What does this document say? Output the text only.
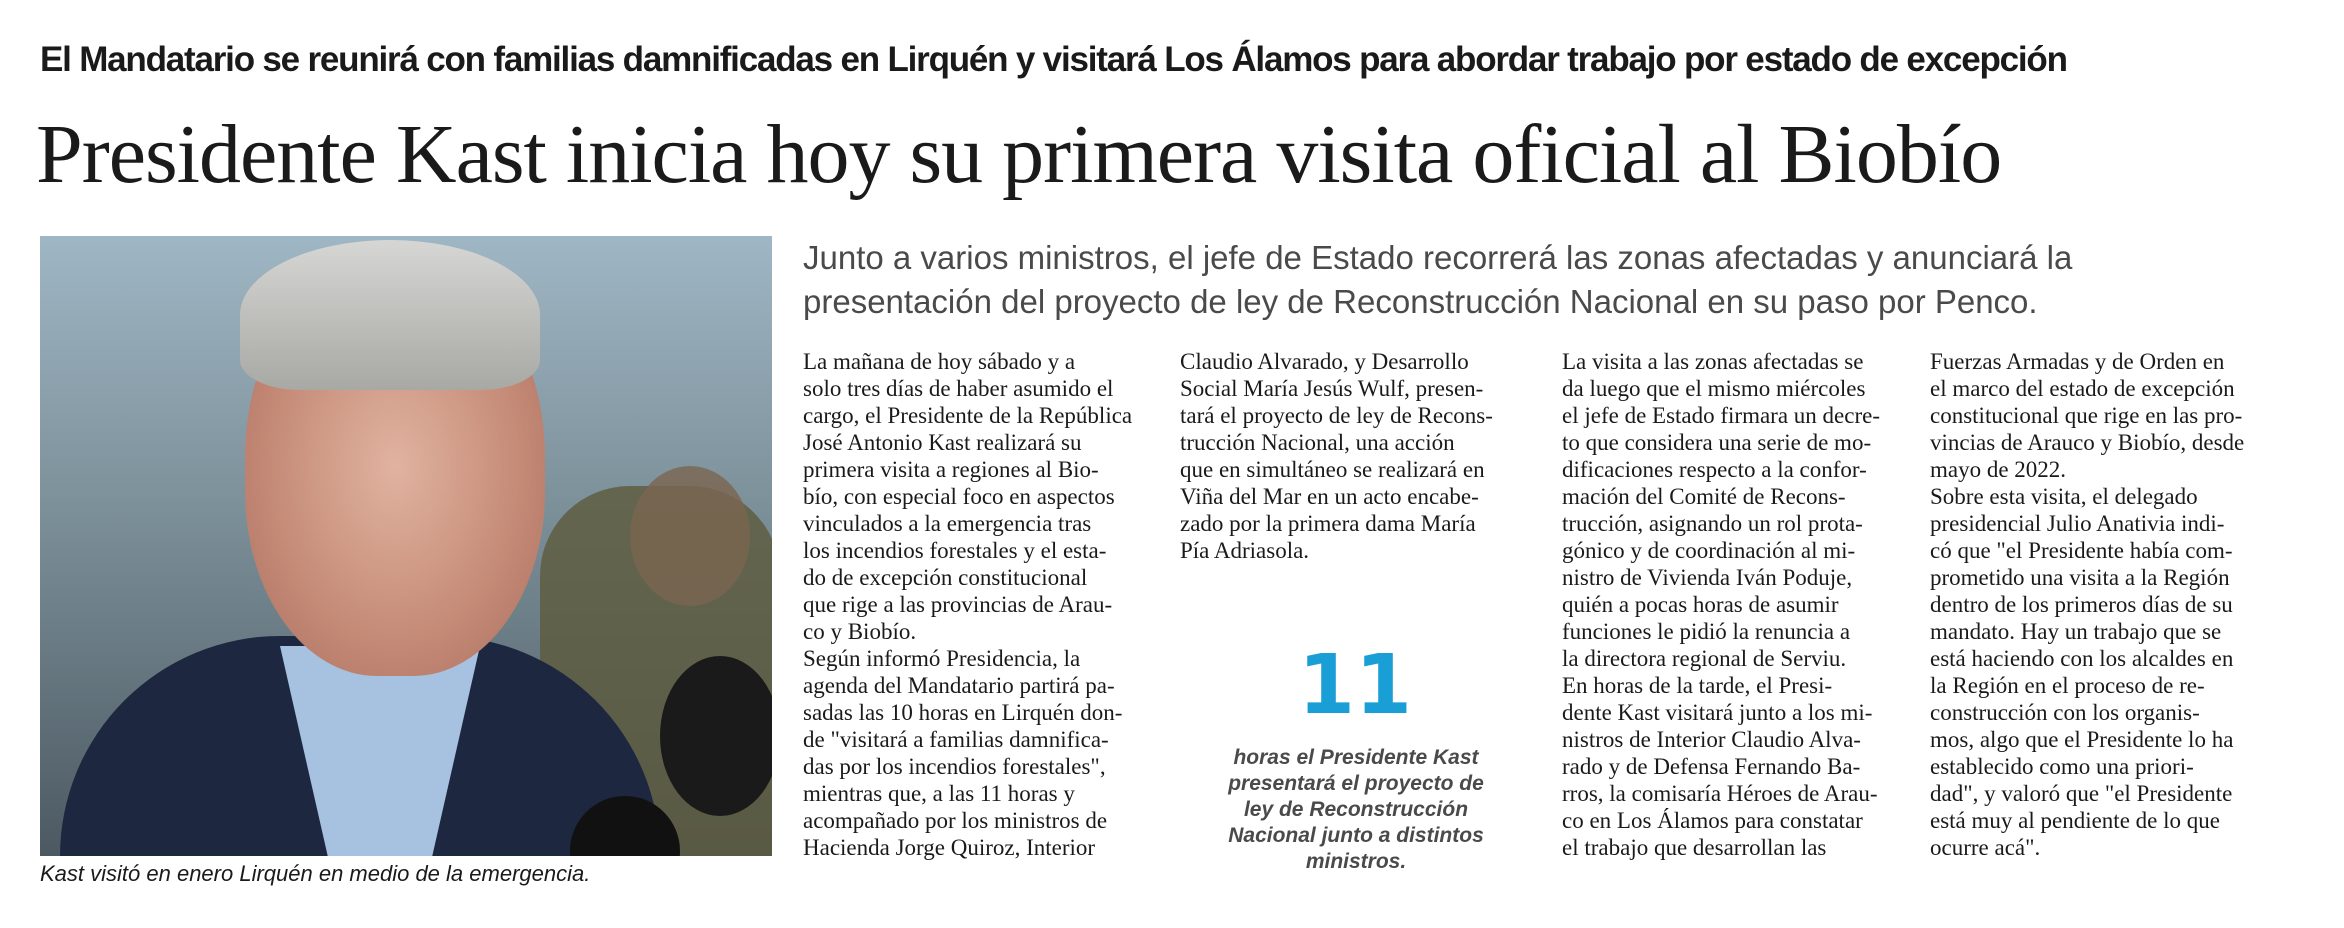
El Mandatario se reunirá con familias damnificadas en Lirquén y visitará Los Álamos para abordar trabajo por estado de excepción
Presidente Kast inicia hoy su primera visita oficial al Biobío
Kast visitó en enero Lirquén en medio de la emergencia.
Junto a varios ministros, el jefe de Estado recorrerá las zonas afectadas y anunciará la
presentación del proyecto de ley de Reconstrucción Nacional en su paso por Penco.
La mañana de hoy sábado y a
solo tres días de haber asumido el
cargo, el Presidente de la República
José Antonio Kast realizará su
primera visita a regiones al Bio-
bío, con especial foco en aspectos
vinculados a la emergencia tras
los incendios forestales y el esta-
do de excepción constitucional
que rige a las provincias de Arau-
co y Biobío.
Según informó Presidencia, la
agenda del Mandatario partirá pa-
sadas las 10 horas en Lirquén don-
de "visitará a familias damnifica-
das por los incendios forestales",
mientras que, a las 11 horas y
acompañado por los ministros de
Hacienda Jorge Quiroz, Interior
Claudio Alvarado, y Desarrollo
Social María Jesús Wulf, presen-
tará el proyecto de ley de Recons-
trucción Nacional, una acción
que en simultáneo se realizará en
Viña del Mar en un acto encabe-
zado por la primera dama María
Pía Adriasola.
La visita a las zonas afectadas se
da luego que el mismo miércoles
el jefe de Estado firmara un decre-
to que considera una serie de mo-
dificaciones respecto a la confor-
mación del Comité de Recons-
trucción, asignando un rol prota-
gónico y de coordinación al mi-
nistro de Vivienda Iván Poduje,
quién a pocas horas de asumir
funciones le pidió la renuncia a
la directora regional de Serviu.
En horas de la tarde, el Presi-
dente Kast visitará junto a los mi-
nistros de Interior Claudio Alva-
rado y de Defensa Fernando Ba-
rros, la comisaría Héroes de Arau-
co en Los Álamos para constatar
el trabajo que desarrollan las
Fuerzas Armadas y de Orden en
el marco del estado de excepción
constitucional que rige en las pro-
vincias de Arauco y Biobío, desde
mayo de 2022.
Sobre esta visita, el delegado
presidencial Julio Anativia indi-
có que "el Presidente había com-
prometido una visita a la Región
dentro de los primeros días de su
mandato. Hay un trabajo que se
está haciendo con los alcaldes en
la Región en el proceso de re-
construcción con los organis-
mos, algo que el Presidente lo ha
establecido como una priori-
dad", y valoró que "el Presidente
está muy al pendiente de lo que
ocurre acá".
11
horas el Presidente Kast
presentará el proyecto de
ley de Reconstrucción
Nacional junto a distintos
ministros.
